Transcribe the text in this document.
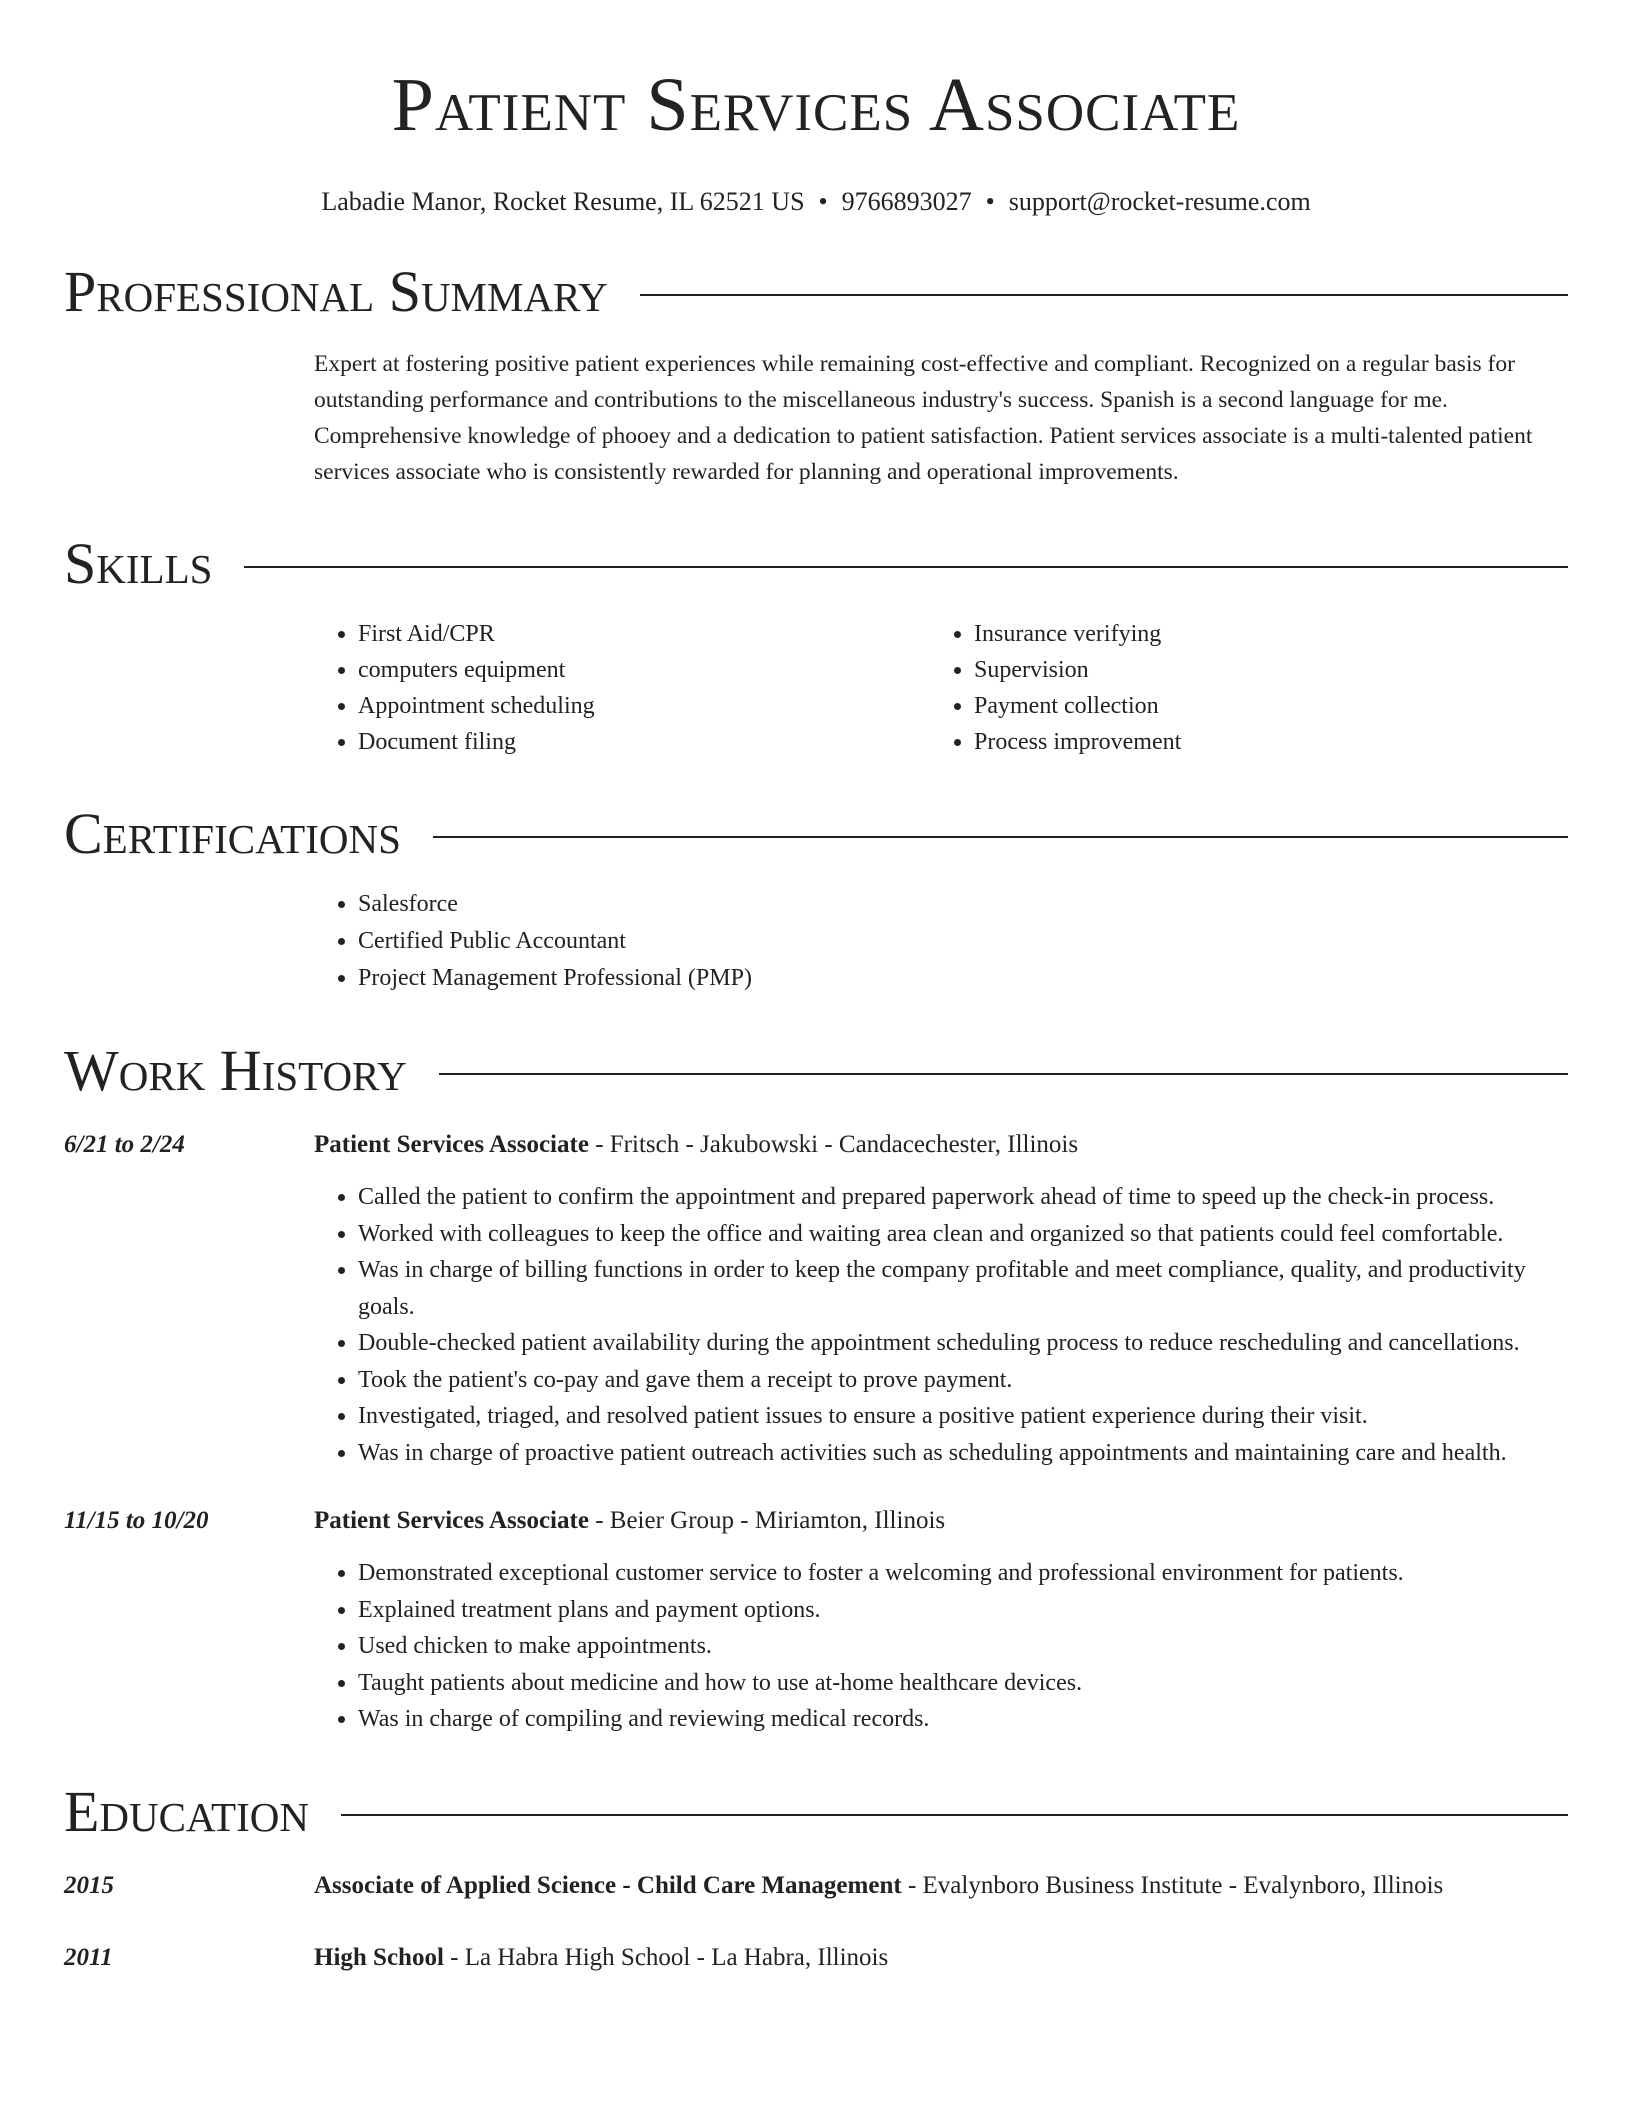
Patient Services Associate
Labadie Manor, Rocket Resume, IL 62521 US • 9766893027 • support@rocket-resume.com
Professional Summary
Expert at fostering positive patient experiences while remaining cost-effective and compliant. Recognized on a regular basis for outstanding performance and contributions to the miscellaneous industry's success. Spanish is a second language for me. Comprehensive knowledge of phooey and a dedication to patient satisfaction. Patient services associate is a multi-talented patient services associate who is consistently rewarded for planning and operational improvements.
Skills
• First Aid/CPR
• computers equipment
• Appointment scheduling
• Document filing
• Insurance verifying
• Supervision
• Payment collection
• Process improvement
Certifications
• Salesforce
• Certified Public Accountant
• Project Management Professional (PMP)
Work History
6/21 to 2/24	Patient Services Associate - Fritsch - Jakubowski - Candacechester, Illinois
• Called the patient to confirm the appointment and prepared paperwork ahead of time to speed up the check-in process.
• Worked with colleagues to keep the office and waiting area clean and organized so that patients could feel comfortable.
• Was in charge of billing functions in order to keep the company profitable and meet compliance, quality, and productivity goals.
• Double-checked patient availability during the appointment scheduling process to reduce rescheduling and cancellations.
• Took the patient's co-pay and gave them a receipt to prove payment.
• Investigated, triaged, and resolved patient issues to ensure a positive patient experience during their visit.
• Was in charge of proactive patient outreach activities such as scheduling appointments and maintaining care and health.
11/15 to 10/20	Patient Services Associate - Beier Group - Miriamton, Illinois
• Demonstrated exceptional customer service to foster a welcoming and professional environment for patients.
• Explained treatment plans and payment options.
• Used chicken to make appointments.
• Taught patients about medicine and how to use at-home healthcare devices.
• Was in charge of compiling and reviewing medical records.
Education
2015	Associate of Applied Science - Child Care Management - Evalynboro Business Institute - Evalynboro, Illinois
2011	High School - La Habra High School - La Habra, Illinois
